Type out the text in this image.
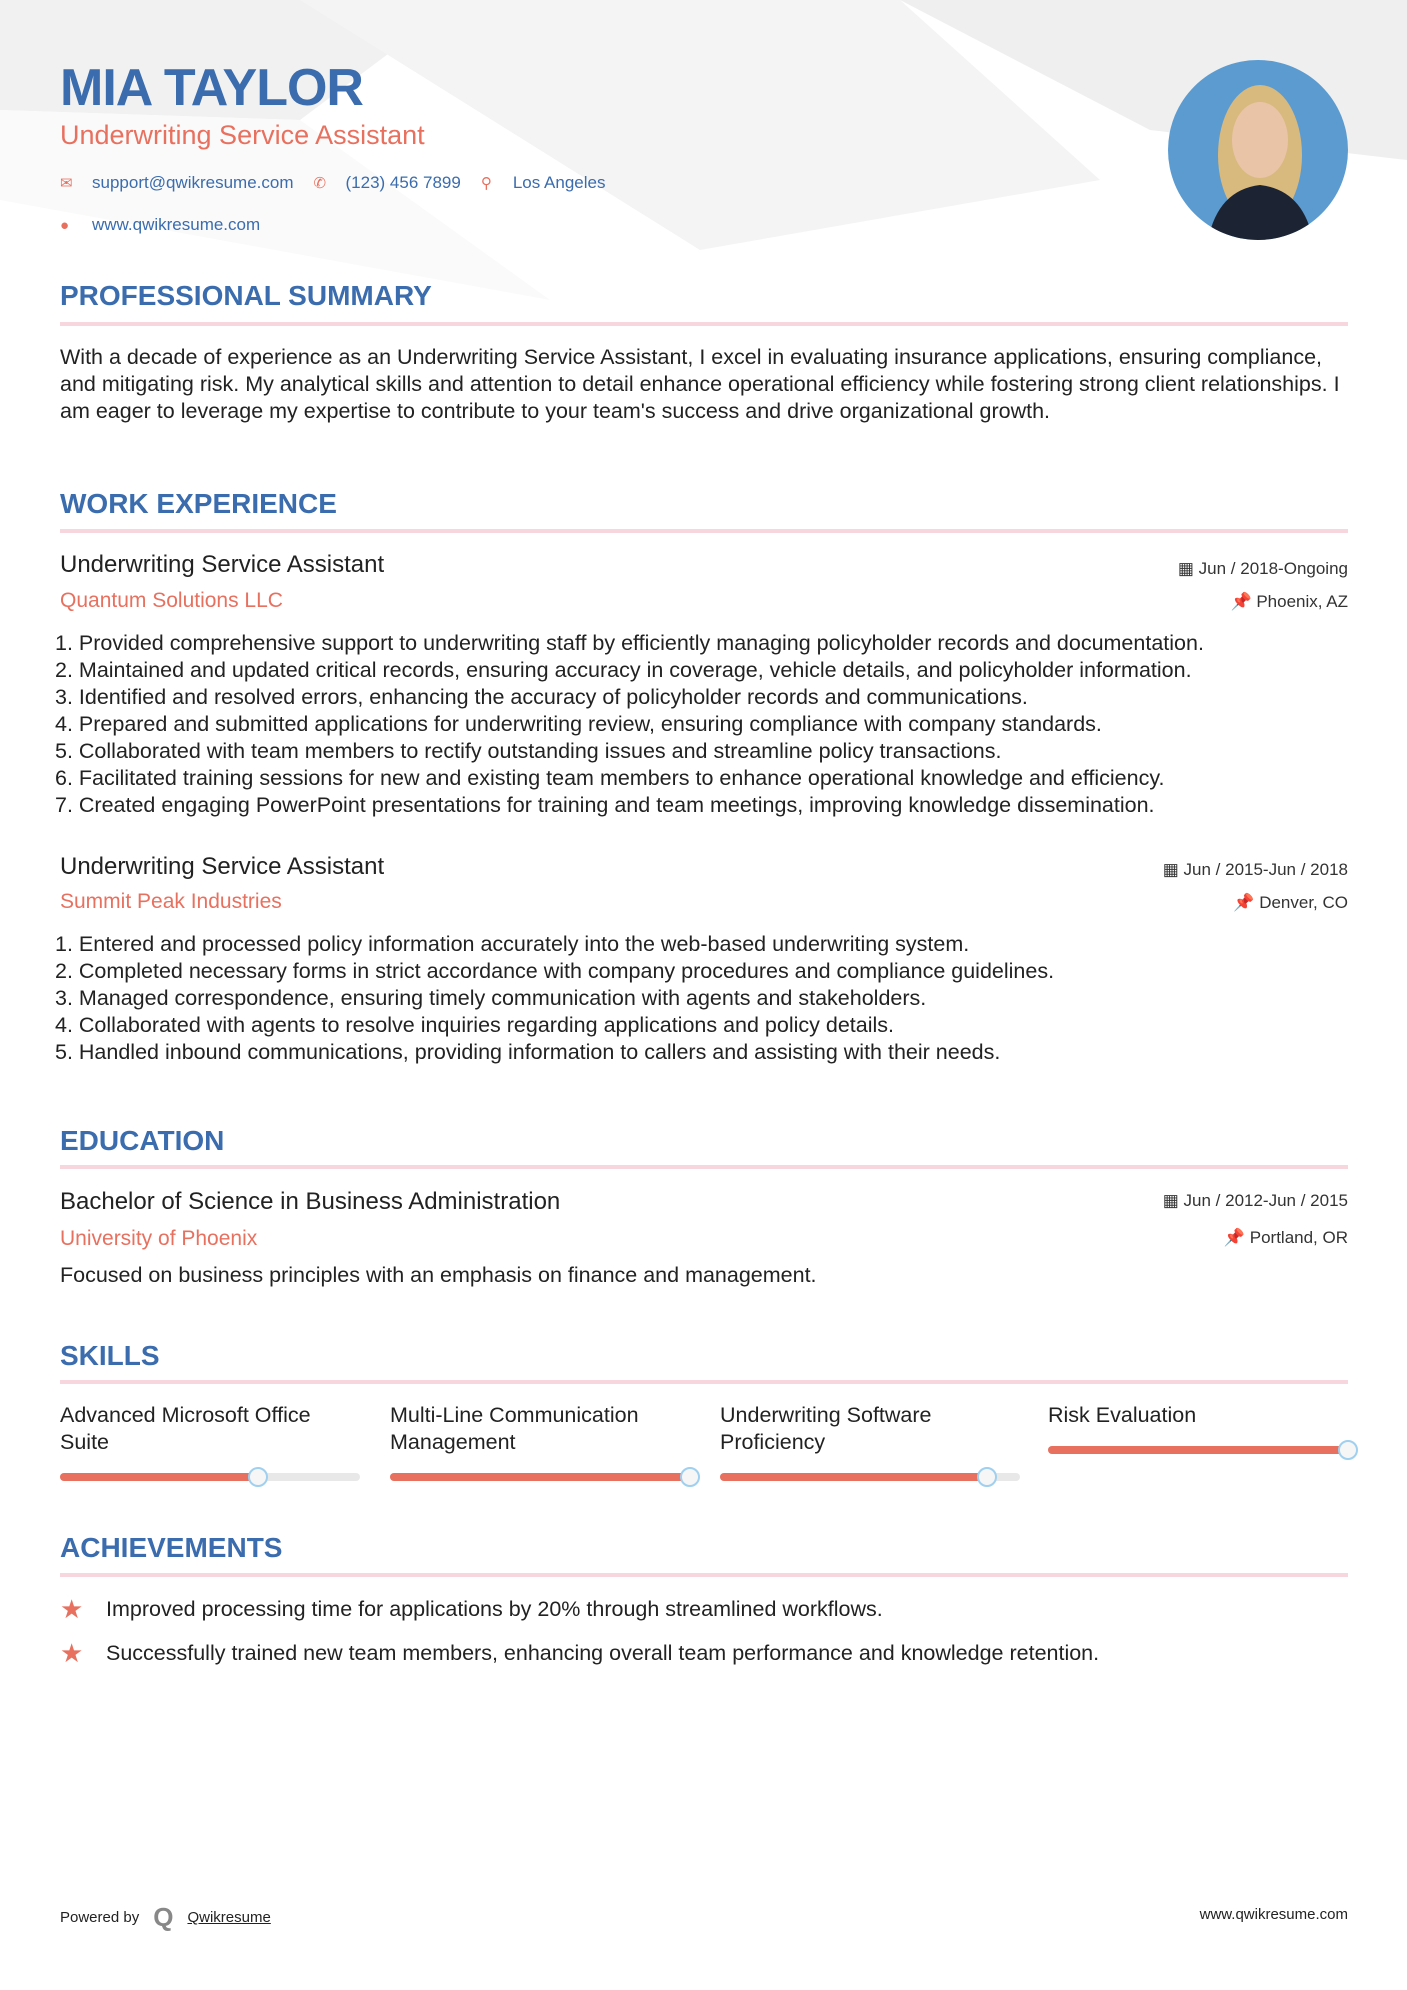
MIA TAYLOR
Underwriting Service Assistant
✉	support@qwikresume.com ✆	(123) 456 7899 ⚲	Los Angeles
●	www.qwikresume.com
PROFESSIONAL SUMMARY
With a decade of experience as an Underwriting Service Assistant, I excel in evaluating insurance applications, ensuring compliance, and mitigating risk. My analytical skills and attention to detail enhance operational efficiency while fostering strong client relationships. I am eager to leverage my expertise to contribute to your team's success and drive organizational growth.
WORK EXPERIENCE
Underwriting Service Assistant	▦ Jun / 2018-Ongoing
Quantum Solutions LLC	📌 Phoenix, AZ
1. Provided comprehensive support to underwriting staff by efficiently managing policyholder records and documentation.
2. Maintained and updated critical records, ensuring accuracy in coverage, vehicle details, and policyholder information.
3. Identified and resolved errors, enhancing the accuracy of policyholder records and communications.
4. Prepared and submitted applications for underwriting review, ensuring compliance with company standards.
5. Collaborated with team members to rectify outstanding issues and streamline policy transactions.
6. Facilitated training sessions for new and existing team members to enhance operational knowledge and efficiency.
7. Created engaging PowerPoint presentations for training and team meetings, improving knowledge dissemination.
Underwriting Service Assistant	▦ Jun / 2015-Jun / 2018
Summit Peak Industries	📌 Denver, CO
1. Entered and processed policy information accurately into the web-based underwriting system.
2. Completed necessary forms in strict accordance with company procedures and compliance guidelines.
3. Managed correspondence, ensuring timely communication with agents and stakeholders.
4. Collaborated with agents to resolve inquiries regarding applications and policy details.
5. Handled inbound communications, providing information to callers and assisting with their needs.
EDUCATION
Bachelor of Science in Business Administration	▦ Jun / 2012-Jun / 2015
University of Phoenix	📌 Portland, OR
Focused on business principles with an emphasis on finance and management.
SKILLS
Advanced Microsoft Office Suite
Multi-Line Communication Management
Underwriting Software Proficiency
Risk Evaluation
ACHIEVEMENTS
★	Improved processing time for applications by 20% through streamlined workflows.
★	Successfully trained new team members, enhancing overall team performance and knowledge retention.
Powered by Q Qwikresume	www.qwikresume.com
